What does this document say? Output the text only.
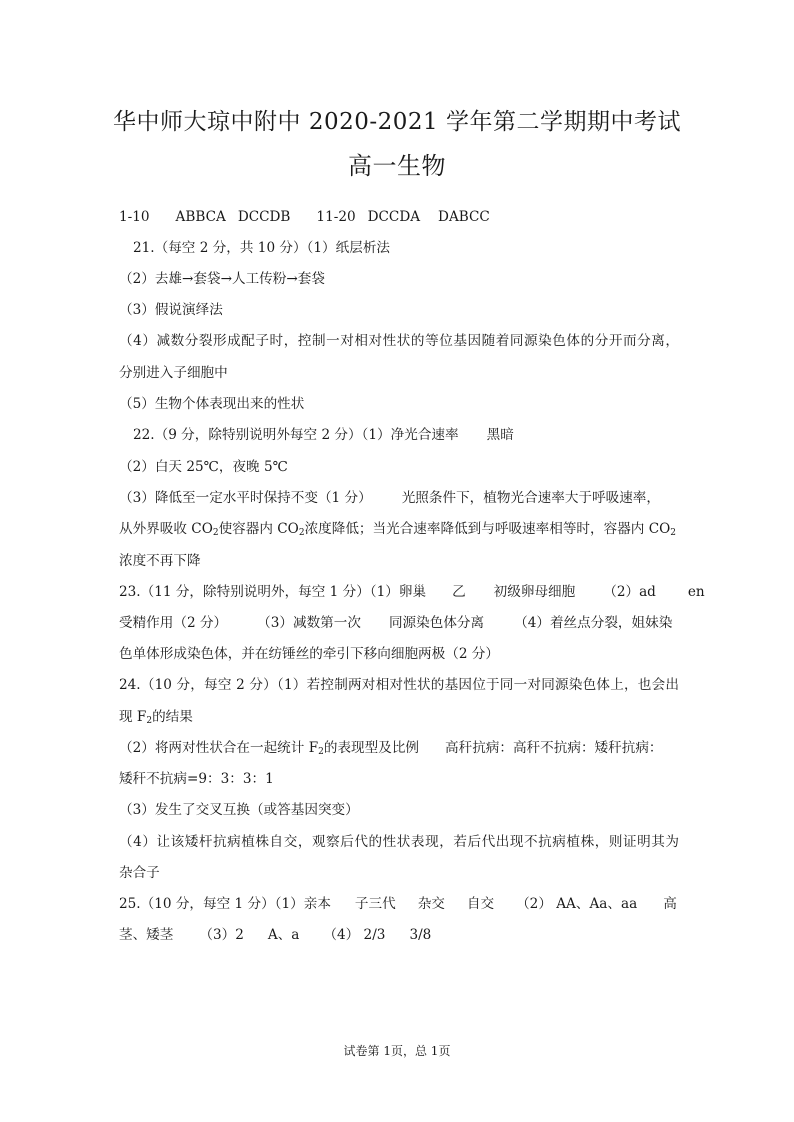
华中师大琼中附中 2020-2021 学年第二学期期中考试
高一生物
1-10 ABBCA DCCDB 11-20 DCCDA DABCC
21.（每空 2 分，共 10 分）（1）纸层析法
（2）去雄→套袋→人工传粉→套袋
（3）假说演绎法
（4）减数分裂形成配子时，控制一对相对性状的等位基因随着同源染色体的分开而分离，
分别进入子细胞中
（5）生物个体表现出来的性状
22.（9 分，除特别说明外每空 2 分）（1）净光合速率 黑暗
（2）白天 25℃，夜晚 5℃
（3）降低至一定水平时保持不变（1 分） 光照条件下，植物光合速率大于呼吸速率，
从外界吸收 $CO_2$使容器内 $CO_2$浓度降低；当光合速率降低到与呼吸速率相等时，容器内 $CO_2$
浓度不再下降
23.（11 分，除特别说明外，每空 1 分）（1）卵巢 乙 初级卵母细胞 （2）ad en
受精作用（2 分） （3）减数第一次 同源染色体分离 （4）着丝点分裂，姐妹染
色单体形成染色体，并在纺锤丝的牵引下移向细胞两极（2 分）
24.（10 分，每空 2 分）（1）若控制两对相对性状的基因位于同一对同源染色体上，也会出
现 $F_2$的结果
（2）将两对性状合在一起统计 $F_2$的表现型及比例 高秆抗病：高秆不抗病：矮秆抗病：
矮秆不抗病=9：3：3：1
（3）发生了交叉互换（或答基因突变）
（4）让该矮杆抗病植株自交，观察后代的性状表现，若后代出现不抗病植株，则证明其为
杂合子
25.（10 分，每空 1 分）（1）亲本 子三代 杂交 自交 （2） AA、Aa、aa 高
茎、矮茎 （3）2 A、a （4） 2/3 3/8
试卷第 1页，总 1页
